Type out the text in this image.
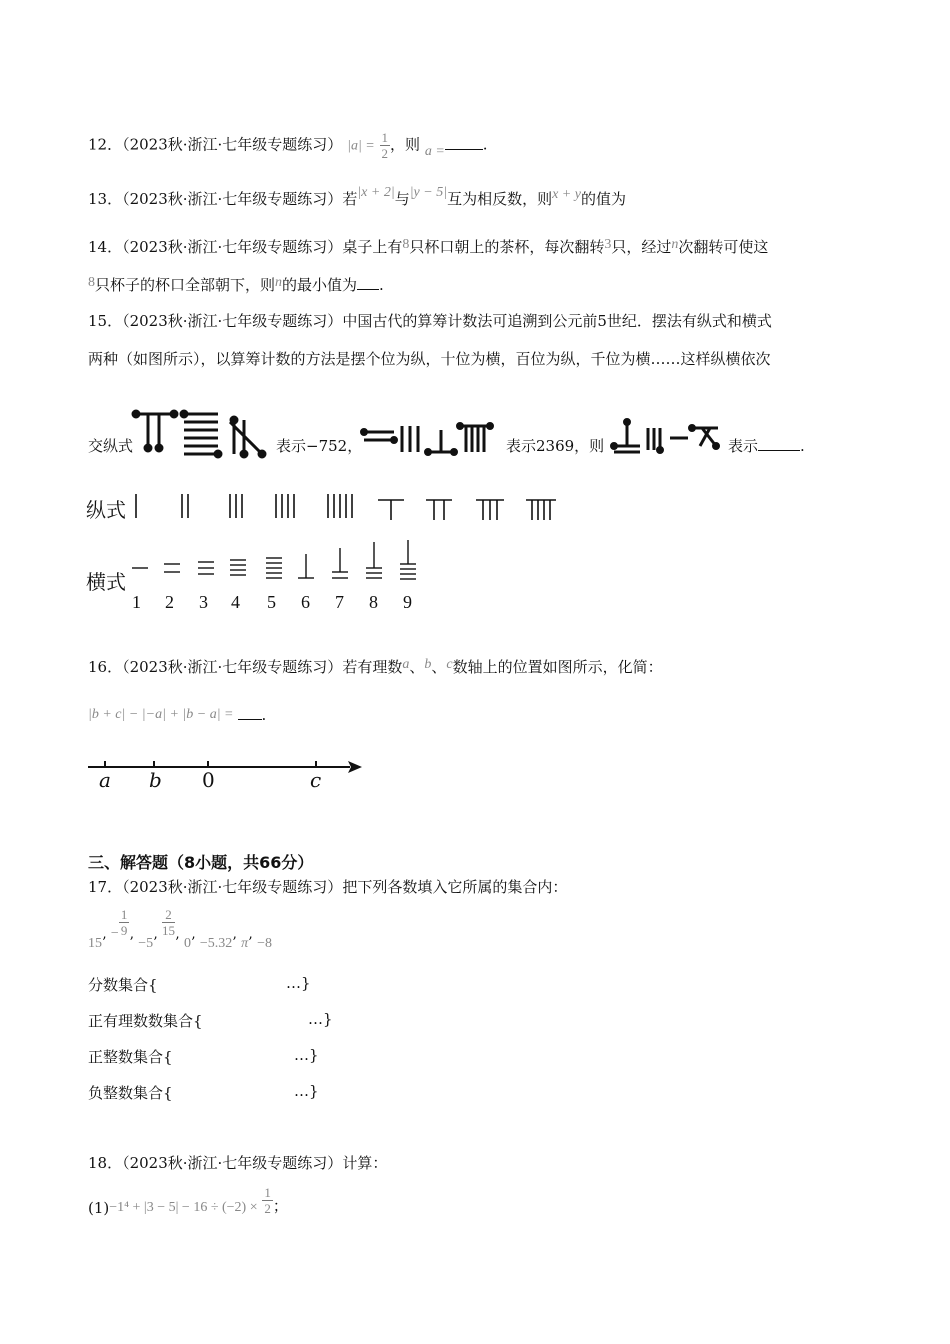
12．（2023秋·浙江·七年级专题练习） $|a| = \frac{1}{2}$ ，则 a =	.
13．（2023秋·浙江·七年级专题练习）若|x + 2|与|y − 5|互为相反数，则x + y的值为
14．（2023秋·浙江·七年级专题练习）桌子上有8只杯口朝上的茶杯，每次翻转3只，经过n次翻转可使这
8只杯子的杯口全部朝下，则n的最小值为 .
15．（2023秋·浙江·七年级专题练习）中国古代的算筹计数法可追溯到公元前5世纪．摆法有纵式和横式
两种（如图所示），以算筹计数的方法是摆个位为纵，十位为横，百位为纵，千位为横……这样纵横依次
交纵式	表示−752，	表示2369，则	表示	.
纵式
横式
1 2 3 4 5 6 7 8 9
16．（2023秋·浙江·七年级专题练习）若有理数a、b、c数轴上的位置如图所示，化简：
|b + c| − |−a| + |b − a| = .
a b 0	c
三、解答题（8小题，共66分）
17．（2023秋·浙江·七年级专题练习）把下列各数填入它所属的集合内：
15’ − $\frac{1}{9}$
’ −5’
$\frac{2}{15}$
’ 0’ −5.32’ π’ −8
分数集合{	…}
正有理数数集合{	…}
正整数集合{	…}
负整数集合{	…}
18．（2023秋·浙江·七年级专题练习）计算：
$(1)-1^4 + |3 - 5| - 16 \div (-2) \times \frac{1}{2}$ ；
